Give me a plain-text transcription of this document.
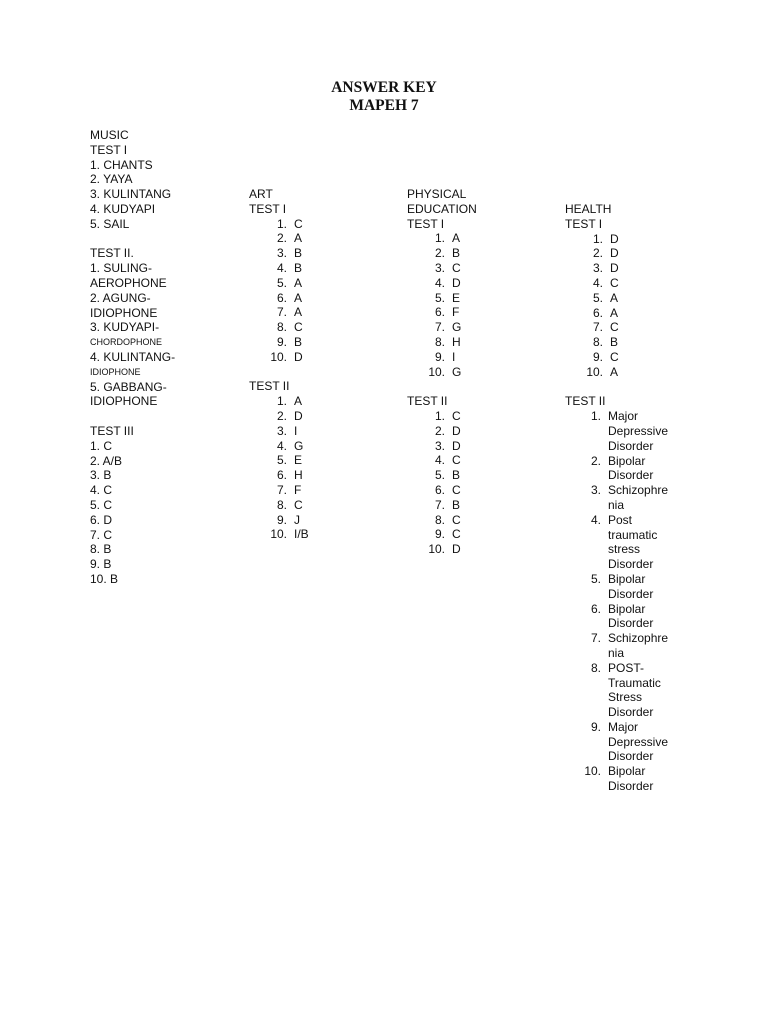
ANSWER KEY
MAPEH 7
MUSIC
TEST I
1. CHANTS
2. YAYA
3. KULINTANG
4. KUDYAPI
5. SAIL
TEST II.
1. SULING-
AEROPHONE
2. AGUNG-
IDIOPHONE
3. KUDYAPI-
CHORDOPHONE
4. KULINTANG-
IDIOPHONE
5. GABBANG-
IDIOPHONE
TEST III
1. C
2. A/B
3. B
4. C
5. C
6. D
7. C
8. B
9. B
10. B
ART
TEST I
1. C
2. A
3. B
4. B
5. A
6. A
7. A
8. C
9. B
10. D
TEST II
1. A
2. D
3. I
4. G
5. E
6. H
7. F
8. C
9. J
10. I/B
PHYSICAL
EDUCATION
TEST I
1. A
2. B
3. C
4. D
5. E
6. F
7. G
8. H
9. I
10. G
TEST II
1. C
2. D
3. D
4. C
5. B
6. C
7. B
8. C
9. C
10. D
HEALTH
TEST I
1. D
2. D
3. D
4. C
5. A
6. A
7. C
8. B
9. C
10. A
TEST II
1. Major
Depressive
Disorder
2. Bipolar
Disorder
3. Schizophre
nia
4. Post
traumatic
stress
Disorder
5. Bipolar
Disorder
6. Bipolar
Disorder
7. Schizophre
nia
8. POST-
Traumatic
Stress
Disorder
9. Major
Depressive
Disorder
10. Bipolar
Disorder
